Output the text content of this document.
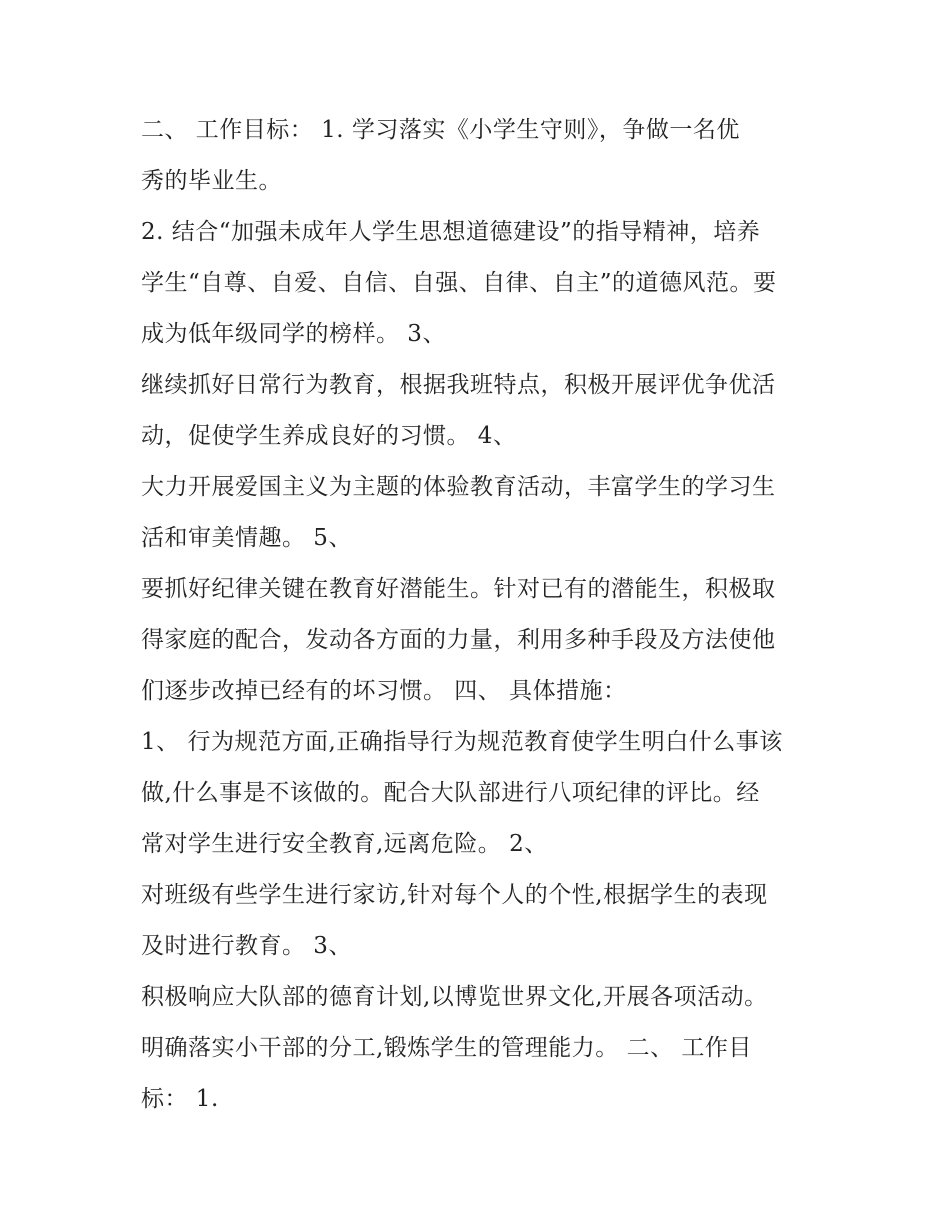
二、 工作目标： 1. 学习落实《小学生守则》，争做一名优
秀的毕业生。
2. 结合“加强未成年人学生思想道德建设”的指导精神，培养
学生“自尊、自爱、自信、自强、自律、自主”的道德风范。要
成为低年级同学的榜样。 3、
继续抓好日常行为教育，根据我班特点，积极开展评优争优活
动，促使学生养成良好的习惯。 4、
大力开展爱国主义为主题的体验教育活动，丰富学生的学习生
活和审美情趣。 5、
要抓好纪律关键在教育好潜能生。针对已有的潜能生，积极取
得家庭的配合，发动各方面的力量，利用多种手段及方法使他
们逐步改掉已经有的坏习惯。 四、 具体措施：
1、 行为规范方面,正确指导行为规范教育使学生明白什么事该
做,什么事是不该做的。配合大队部进行八项纪律的评比。经
常对学生进行安全教育,远离危险。 2、
对班级有些学生进行家访,针对每个人的个性,根据学生的表现
及时进行教育。 3、
积极响应大队部的德育计划,以博览世界文化,开展各项活动。
明确落实小干部的分工,锻炼学生的管理能力。 二、 工作目
标： 1.
